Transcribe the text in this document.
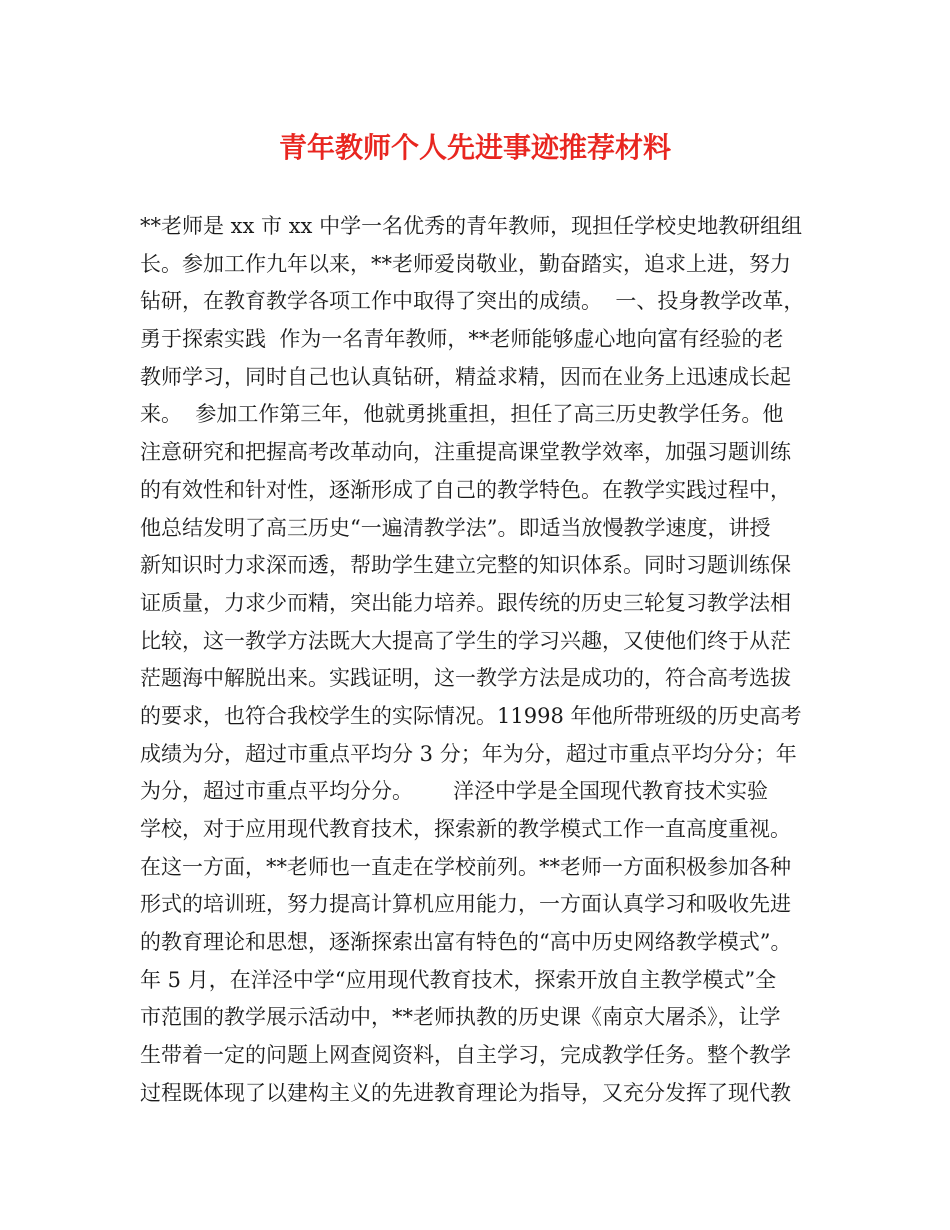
青年教师个人先进事迹推荐材料
**老师是 xx 市 xx 中学一名优秀的青年教师，现担任学校史地教研组组
长。参加工作九年以来，**老师爱岗敬业，勤奋踏实，追求上进，努力
钻研，在教育教学各项工作中取得了突出的成绩。  一、投身教学改革，
勇于探索实践  作为一名青年教师，**老师能够虚心地向富有经验的老
教师学习，同时自己也认真钻研，精益求精，因而在业务上迅速成长起
来。  参加工作第三年，他就勇挑重担，担任了高三历史教学任务。他
注意研究和把握高考改革动向，注重提高课堂教学效率，加强习题训练
的有效性和针对性，逐渐形成了自己的教学特色。在教学实践过程中，
他总结发明了高三历史“一遍清教学法”。即适当放慢教学速度，讲授
新知识时力求深而透，帮助学生建立完整的知识体系。同时习题训练保
证质量，力求少而精，突出能力培养。跟传统的历史三轮复习教学法相
比较，这一教学方法既大大提高了学生的学习兴趣，又使他们终于从茫
茫题海中解脱出来。实践证明，这一教学方法是成功的，符合高考选拔
的要求，也符合我校学生的实际情况。11998 年他所带班级的历史高考
成绩为分，超过市重点平均分 3 分；年为分，超过市重点平均分分；年
为分，超过市重点平均分分。      洋泾中学是全国现代教育技术实验
学校，对于应用现代教育技术，探索新的教学模式工作一直高度重视。
在这一方面，**老师也一直走在学校前列。**老师一方面积极参加各种
形式的培训班，努力提高计算机应用能力，一方面认真学习和吸收先进
的教育理论和思想，逐渐探索出富有特色的“高中历史网络教学模式”。
年 5 月，在洋泾中学“应用现代教育技术，探索开放自主教学模式”全
市范围的教学展示活动中，**老师执教的历史课《南京大屠杀》，让学
生带着一定的问题上网查阅资料，自主学习，完成教学任务。整个教学
过程既体现了以建构主义的先进教育理论为指导，又充分发挥了现代教
